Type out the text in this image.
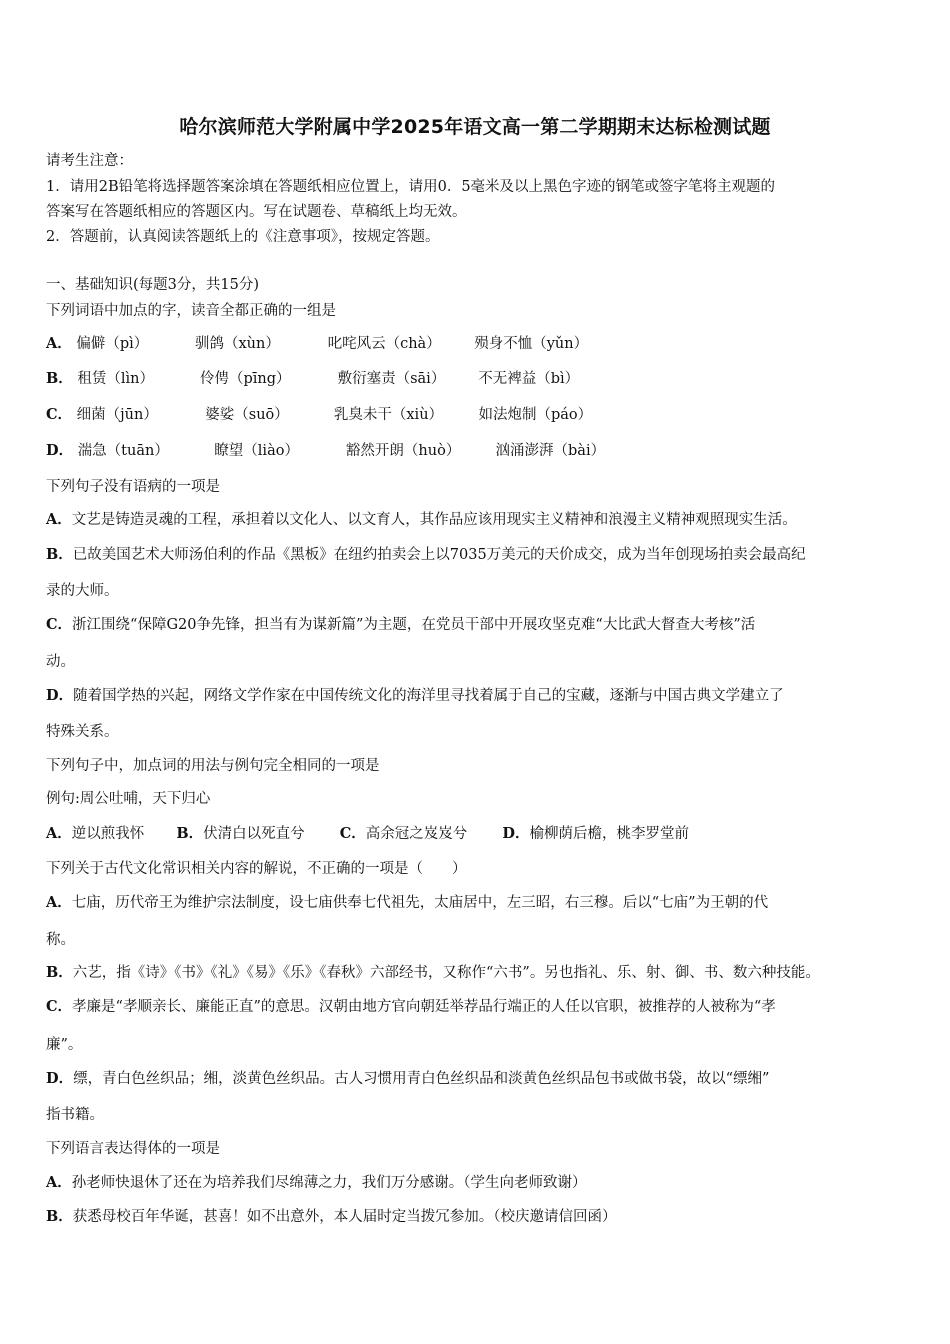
哈尔滨师范大学附属中学2025年语文高一第二学期期末达标检测试题
请考生注意：
1．请用2B铅笔将选择题答案涂填在答题纸相应位置上，请用0．5毫米及以上黑色字迹的钢笔或签字笔将主观题的
答案写在答题纸相应的答题区内。写在试题卷、草稿纸上均无效。
2．答题前，认真阅读答题纸上的《注意事项》，按规定答题。
一、基础知识(每题3分，共15分)
下列词语中加点的字，读音全都正确的一组是
A． 偏僻（pì）	驯鸽（xùn）	叱咤风云（chà） 殒身不恤（yǔn）
B． 租赁（lìn）	伶俜（pīng）	敷衍塞责（sāi） 不无裨益（bì）
C． 细菌（jūn）	婆娑（suō）	乳臭未干（xiù） 如法炮制（páo）
D． 湍急（tuān）	瞭望（liào）	豁然开朗（huò） 汹涌澎湃（bài）
下列句子没有语病的一项是
A．文艺是铸造灵魂的工程，承担着以文化人、以文育人，其作品应该用现实主义精神和浪漫主义精神观照现实生活。
B．已故美国艺术大师汤伯利的作品《黑板》在纽约拍卖会上以7035万美元的天价成交，成为当年创现场拍卖会最高纪
录的大师。
C．浙江围绕“保障G20争先锋，担当有为谋新篇”为主题，在党员干部中开展攻坚克难“大比武大督查大考核”活
动。
D．随着国学热的兴起，网络文学作家在中国传统文化的海洋里寻找着属于自己的宝藏，逐渐与中国古典文学建立了
特殊关系。
下列句子中，加点词的用法与例句完全相同的一项是
例句:周公吐哺，天下归心
A．逆以煎我怀 B．伏清白以死直兮 C．高余冠之岌岌兮 D．榆柳荫后檐，桃李罗堂前
下列关于古代文化常识相关内容的解说，不正确的一项是（　　）
A．七庙，历代帝王为维护宗法制度，设七庙供奉七代祖先，太庙居中，左三昭，右三穆。后以“七庙”为王朝的代
称。
B．六艺，指《诗》《书》《礼》《易》《乐》《春秋》六部经书，又称作“六书”。另也指礼、乐、射、御、书、数六种技能。
C．孝廉是“孝顺亲长、廉能正直”的意思。汉朝由地方官向朝廷举荐品行端正的人任以官职，被推荐的人被称为“孝
廉”。
D．缥，青白色丝织品；缃，淡黄色丝织品。古人习惯用青白色丝织品和淡黄色丝织品包书或做书袋，故以“缥缃”
指书籍。
下列语言表达得体的一项是
A．孙老师快退休了还在为培养我们尽绵薄之力，我们万分感谢。（学生向老师致谢）
B．获悉母校百年华诞，甚喜！如不出意外，本人届时定当拨冗参加。（校庆邀请信回函）
